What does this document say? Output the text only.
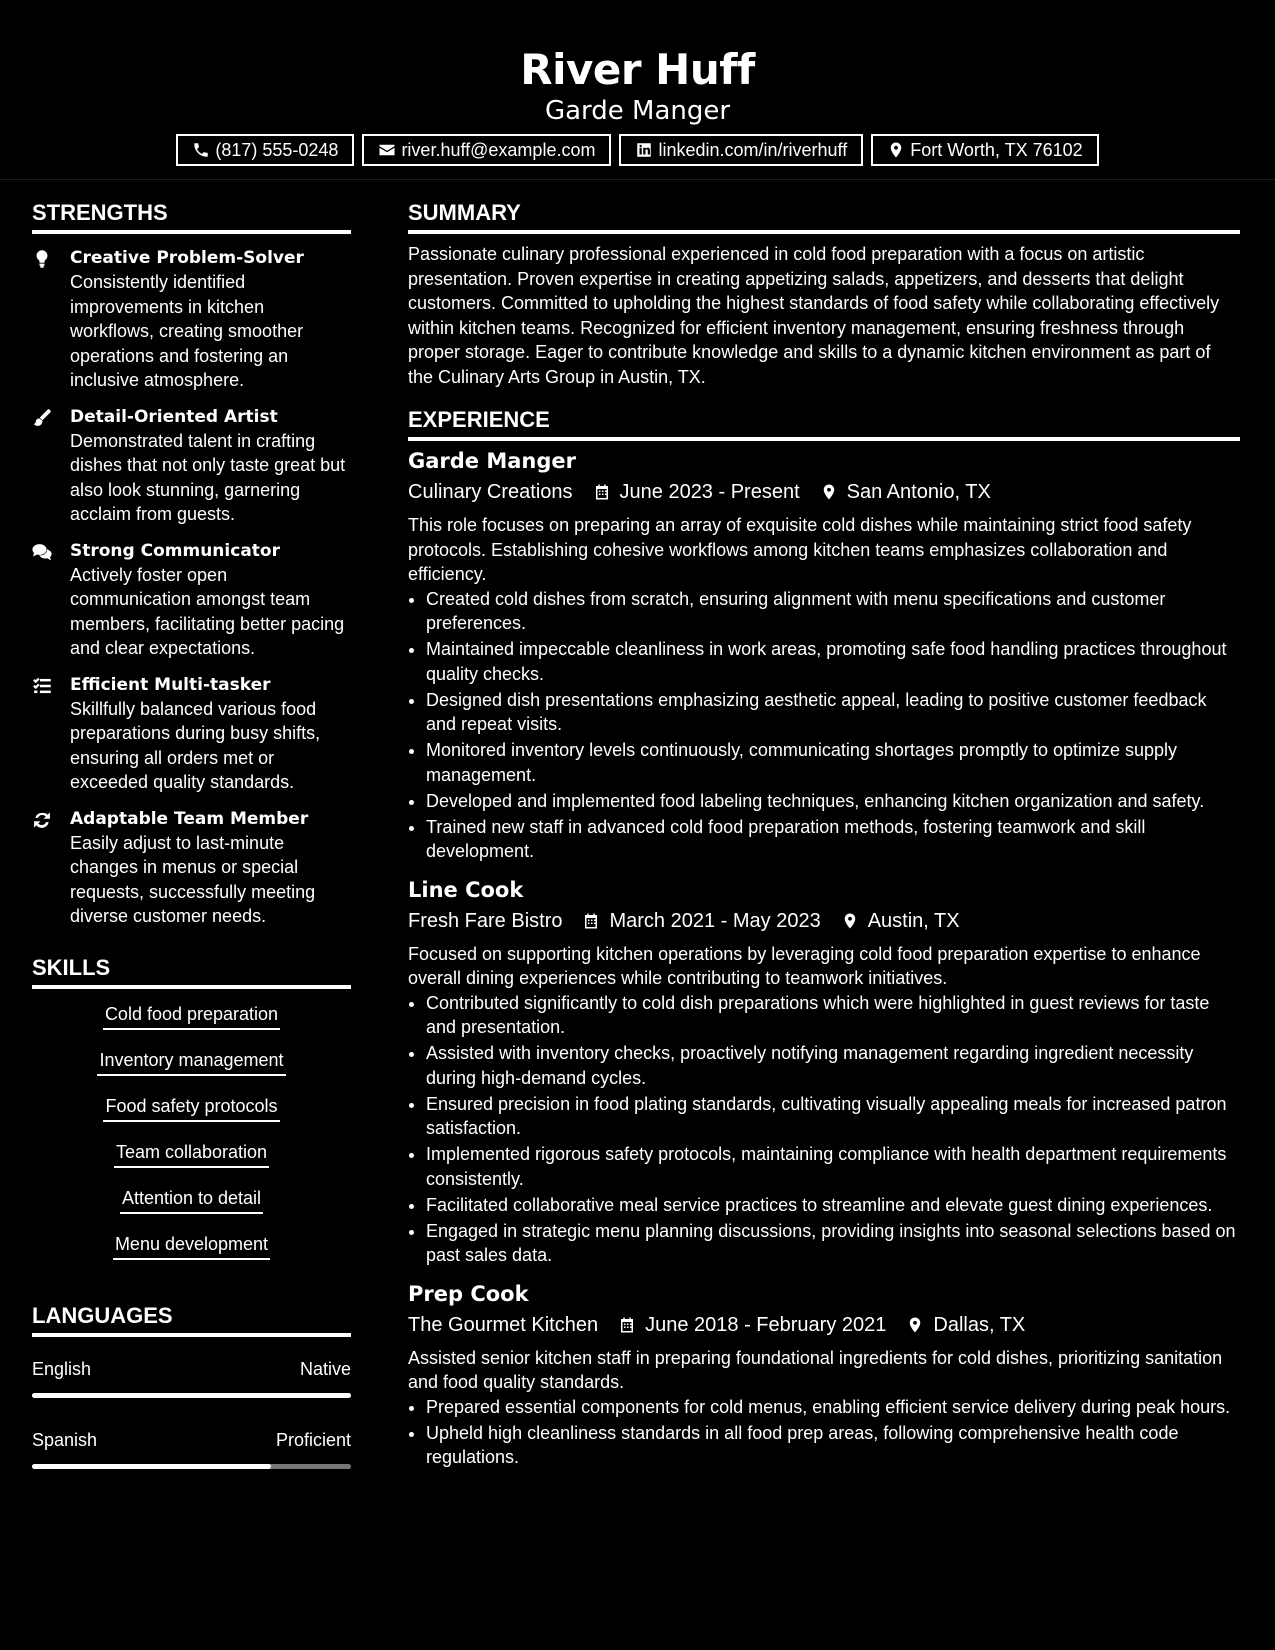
River Huff
Garde Manger
(817) 555-0248	river.huff@example.com	linkedin.com/in/riverhuff	Fort Worth, TX 76102
STRENGTHS
Creative Problem-Solver
Consistently identified improvements in kitchen workflows, creating smoother operations and fostering an inclusive atmosphere.
Detail-Oriented Artist
Demonstrated talent in crafting dishes that not only taste great but also look stunning, garnering acclaim from guests.
Strong Communicator
Actively foster open communication amongst team members, facilitating better pacing and clear expectations.
Efficient Multi-tasker
Skillfully balanced various food preparations during busy shifts, ensuring all orders met or exceeded quality standards.
Adaptable Team Member
Easily adjust to last-minute changes in menus or special requests, successfully meeting diverse customer needs.
SKILLS
Cold food preparation
Inventory management
Food safety protocols
Team collaboration
Attention to detail
Menu development
LANGUAGES
English	Native
Spanish	Proficient
SUMMARY
Passionate culinary professional experienced in cold food preparation with a focus on artistic presentation. Proven expertise in creating appetizing salads, appetizers, and desserts that delight customers. Committed to upholding the highest standards of food safety while collaborating effectively within kitchen teams. Recognized for efficient inventory management, ensuring freshness through proper storage. Eager to contribute knowledge and skills to a dynamic kitchen environment as part of the Culinary Arts Group in Austin, TX.
EXPERIENCE
Garde Manger
Culinary Creations June 2023 - Present San Antonio, TX
This role focuses on preparing an array of exquisite cold dishes while maintaining strict food safety protocols. Establishing cohesive workflows among kitchen teams emphasizes collaboration and efficiency.
• Created cold dishes from scratch, ensuring alignment with menu specifications and customer preferences.
• Maintained impeccable cleanliness in work areas, promoting safe food handling practices throughout quality checks.
• Designed dish presentations emphasizing aesthetic appeal, leading to positive customer feedback and repeat visits.
• Monitored inventory levels continuously, communicating shortages promptly to optimize supply management.
• Developed and implemented food labeling techniques, enhancing kitchen organization and safety.
• Trained new staff in advanced cold food preparation methods, fostering teamwork and skill development.
Line Cook
Fresh Fare Bistro March 2021 - May 2023 Austin, TX
Focused on supporting kitchen operations by leveraging cold food preparation expertise to enhance overall dining experiences while contributing to teamwork initiatives.
• Contributed significantly to cold dish preparations which were highlighted in guest reviews for taste and presentation.
• Assisted with inventory checks, proactively notifying management regarding ingredient necessity during high-demand cycles.
• Ensured precision in food plating standards, cultivating visually appealing meals for increased patron satisfaction.
• Implemented rigorous safety protocols, maintaining compliance with health department requirements consistently.
• Facilitated collaborative meal service practices to streamline and elevate guest dining experiences.
• Engaged in strategic menu planning discussions, providing insights into seasonal selections based on past sales data.
Prep Cook
The Gourmet Kitchen June 2018 - February 2021 Dallas, TX
Assisted senior kitchen staff in preparing foundational ingredients for cold dishes, prioritizing sanitation and food quality standards.
• Prepared essential components for cold menus, enabling efficient service delivery during peak hours.
• Upheld high cleanliness standards in all food prep areas, following comprehensive health code regulations.
